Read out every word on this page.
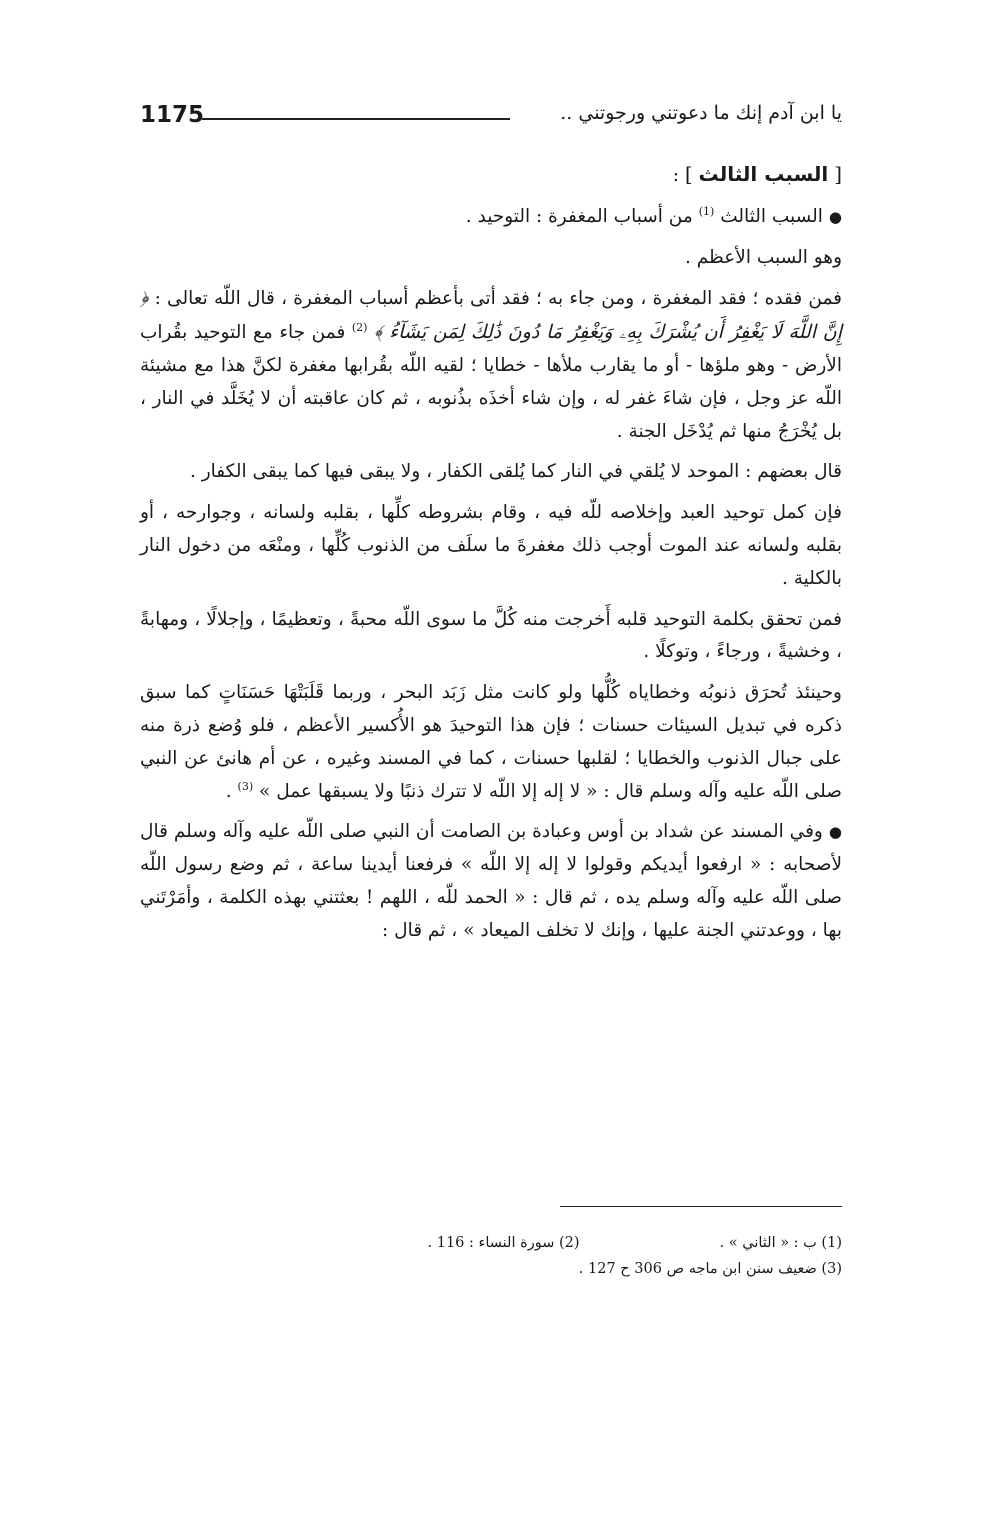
1175	يا ابن آدم إنك ما دعوتني ورجوتني ..

[ السبب الثالث ] :

●السبب الثالث $^{(1)}$ من أسباب المغفرة : التوحيد .

وهو السبب الأعظم .

فمن فقده ؛ فقد المغفرة ، ومن جاء به ؛ فقد أتى بأعظم أسباب المغفرة ، قال اللّه تعالى : ﴿ إِنَّ اللَّهَ لَا يَغْفِرُ أَن يُشْرَكَ بِهِۦ وَيَغْفِرُ مَا دُونَ ذَٰلِكَ لِمَن يَشَآءُ ﴾ $^{(2)}$ فمن جاء مع التوحيد بقُراب الأرض - وهو ملؤها - أو ما يقارب ملأها - خطايا ؛ لقيه اللّه بقُرابها مغفرة لكنَّ هذا مع مشيئة اللّه عز وجل ، فإن شاءَ غفر له ، وإن شاء أخذَه بذُنوبه ، ثم كان عاقبته أن لا يُخَلَّد في النار ، بل يُخْرَجُ منها ثم يُدْخَل الجنة .

قال بعضهم : الموحد لا يُلقي في النار كما يُلقى الكفار ، ولا يبقى فيها كما يبقى الكفار .

فإن كمل توحيد العبد وإخلاصه للّه فيه ، وقام بشروطه كلِّها ، بقلبه ولسانه ، وجوارحه ، أو بقلبه ولسانه عند الموت أوجب ذلك مغفرةَ ما سلَف من الذنوب كُلِّها ، ومنْعَه من دخول النار بالكلية .

فمن تحقق بكلمة التوحيد قلبه أَخرجت منه كُلَّ ما سوى اللّه محبةً ، وتعظيمًا ، وإجلالًا ، ومهابةً ، وخشيةً ، ورجاءً ، وتوكلًا .

وحينئذ تُحرَق ذنوبُه وخطاياه كُلُّها ولو كانت مثل زَبَد البحر ، وربما قَلَبَتْهَا حَسَنَاتٍ كما سبق ذكره في تبديل السيئات حسنات ؛ فإن هذا التوحيدَ هو الأُكسير الأعظم ، فلو وُضع ذرة منه على جبال الذنوب والخطايا ؛ لقلبها حسنات ، كما في المسند وغيره ، عن أم هانئ عن النبي صلى اللّه عليه وآله وسلم قال : « لا إله إلا اللّه لا تترك ذنبًا ولا يسبقها عمل » $^{(3)}$ .

●وفي المسند عن شداد بن أوس وعبادة بن الصامت أن النبي صلى اللّه عليه وآله وسلم قال لأصحابه : « ارفعوا أيديكم وقولوا لا إله إلا اللّه » فرفعنا أيدينا ساعة ، ثم وضع رسول اللّه صلى اللّه عليه وآله وسلم يده ، ثم قال : « الحمد للّه ، اللهم ! بعثتني بهذه الكلمة ، وأمَرْتَني بها ، ووعدتني الجنة عليها ، وإنك لا تخلف الميعاد » ، ثم قال :

(1) ب : « الثاني » .
(2) سورة النساء : 116 .
(3) ضعيف سنن ابن ماجه ص 306 ح 127 .
